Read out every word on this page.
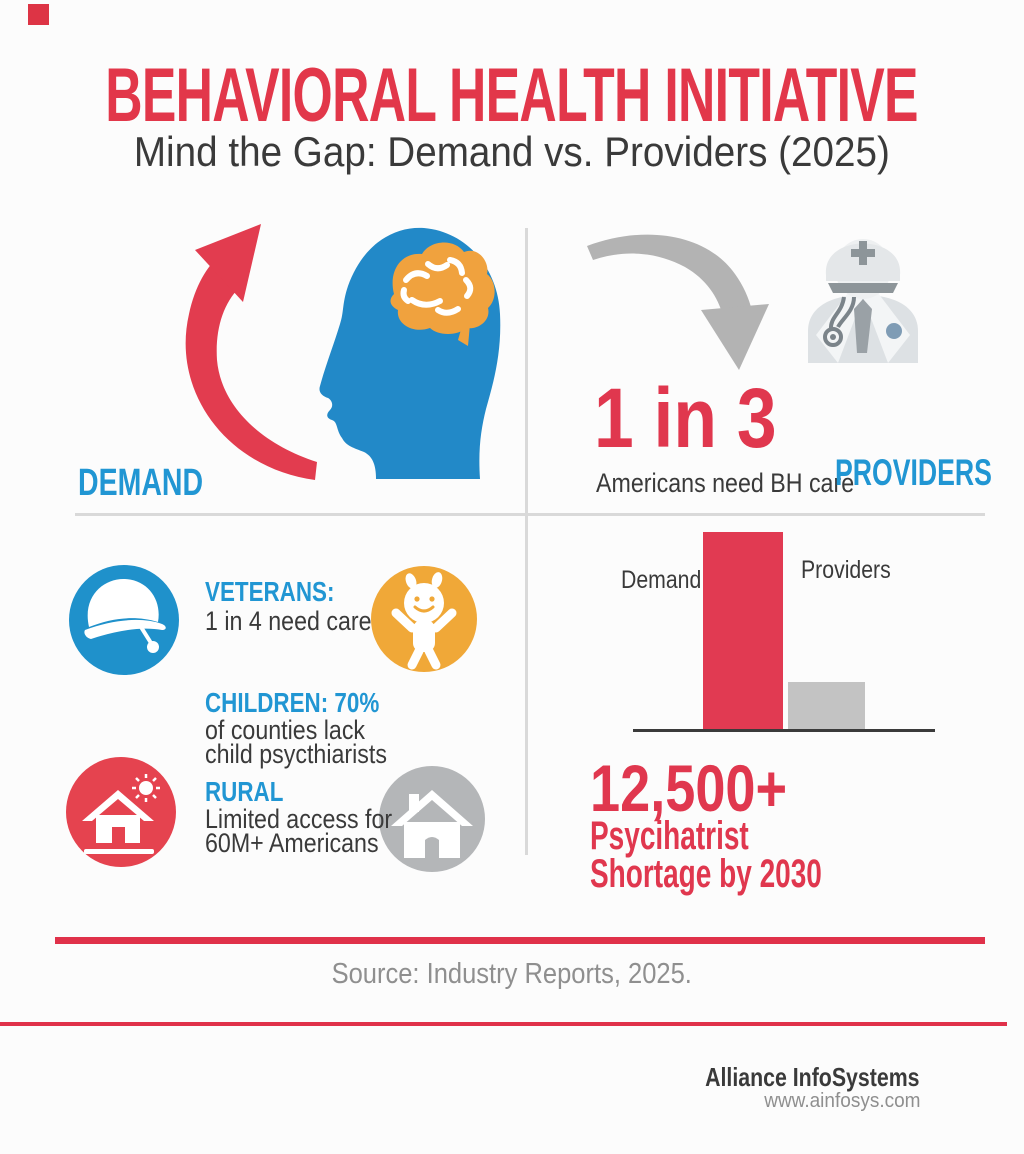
BEHAVIORAL HEALTH INITIATIVE
Mind the Gap: Demand vs. Providers (2025)
DEMAND
1 in 3
Americans need BH care
PROVIDERS
VETERANS:
1 in 4 need care
CHILDREN: 70%
of counties lack
child psycthiarists
RURAL
Limited access for
60M+ Americans
Demand	Providers
12,500+
Psycihatrist
Shortage by 2030
Source: Industry Reports, 2025.
Alliance InfoSystems
www.ainfosys.com
